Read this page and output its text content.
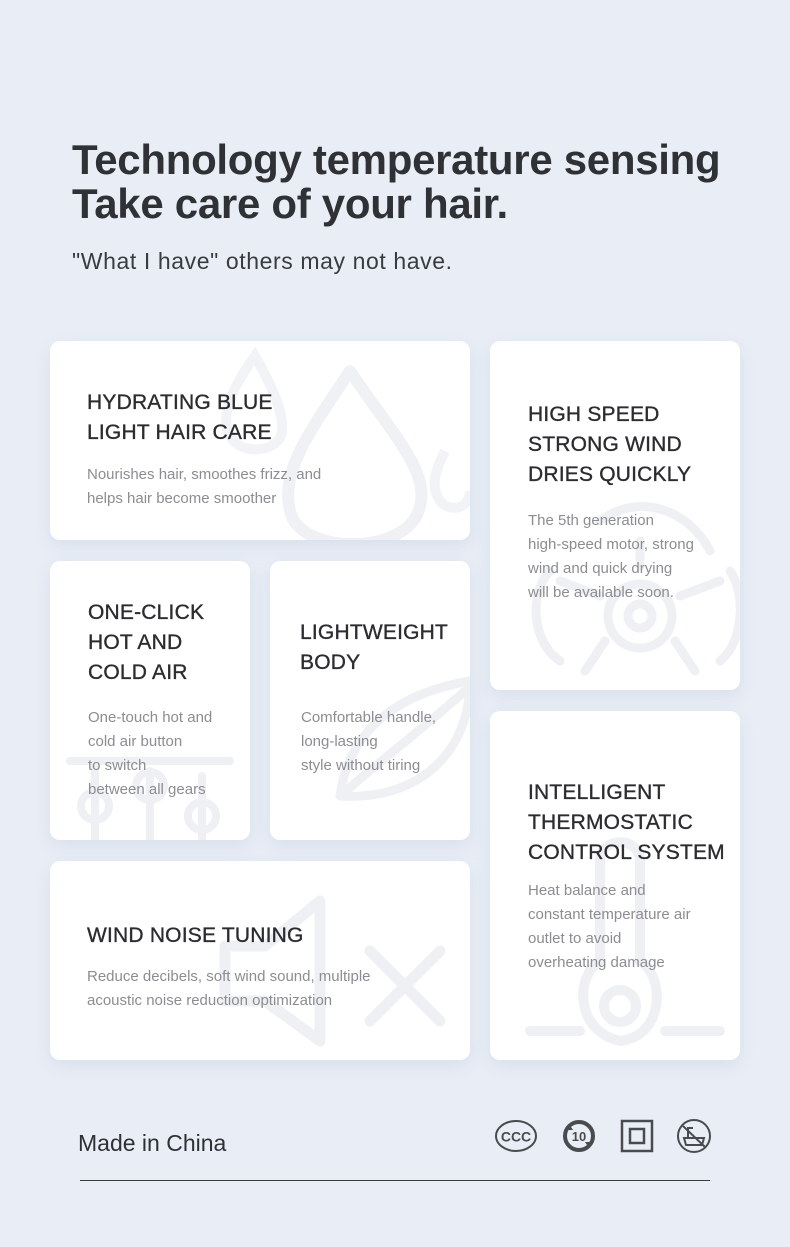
Technology temperature sensing
Take care of your hair.
"What I have" others may not have.
HYDRATING BLUE
LIGHT HAIR CARE
Nourishes hair, smoothes frizz, and
helps hair become smoother
HIGH SPEED
STRONG WIND
DRIES QUICKLY
The 5th generation
high-speed motor, strong
wind and quick drying
will be available soon.
ONE-CLICK
HOT AND
COLD AIR
One-touch hot and
cold air button
to switch
between all gears
LIGHTWEIGHT
BODY
Comfortable handle,
long-lasting
style without tiring
INTELLIGENT
THERMOSTATIC
CONTROL SYSTEM
Heat balance and
constant temperature air
outlet to avoid
overheating damage
WIND NOISE TUNING
Reduce decibels, soft wind sound, multiple
acoustic noise reduction optimization
Made in China	CCC	10
